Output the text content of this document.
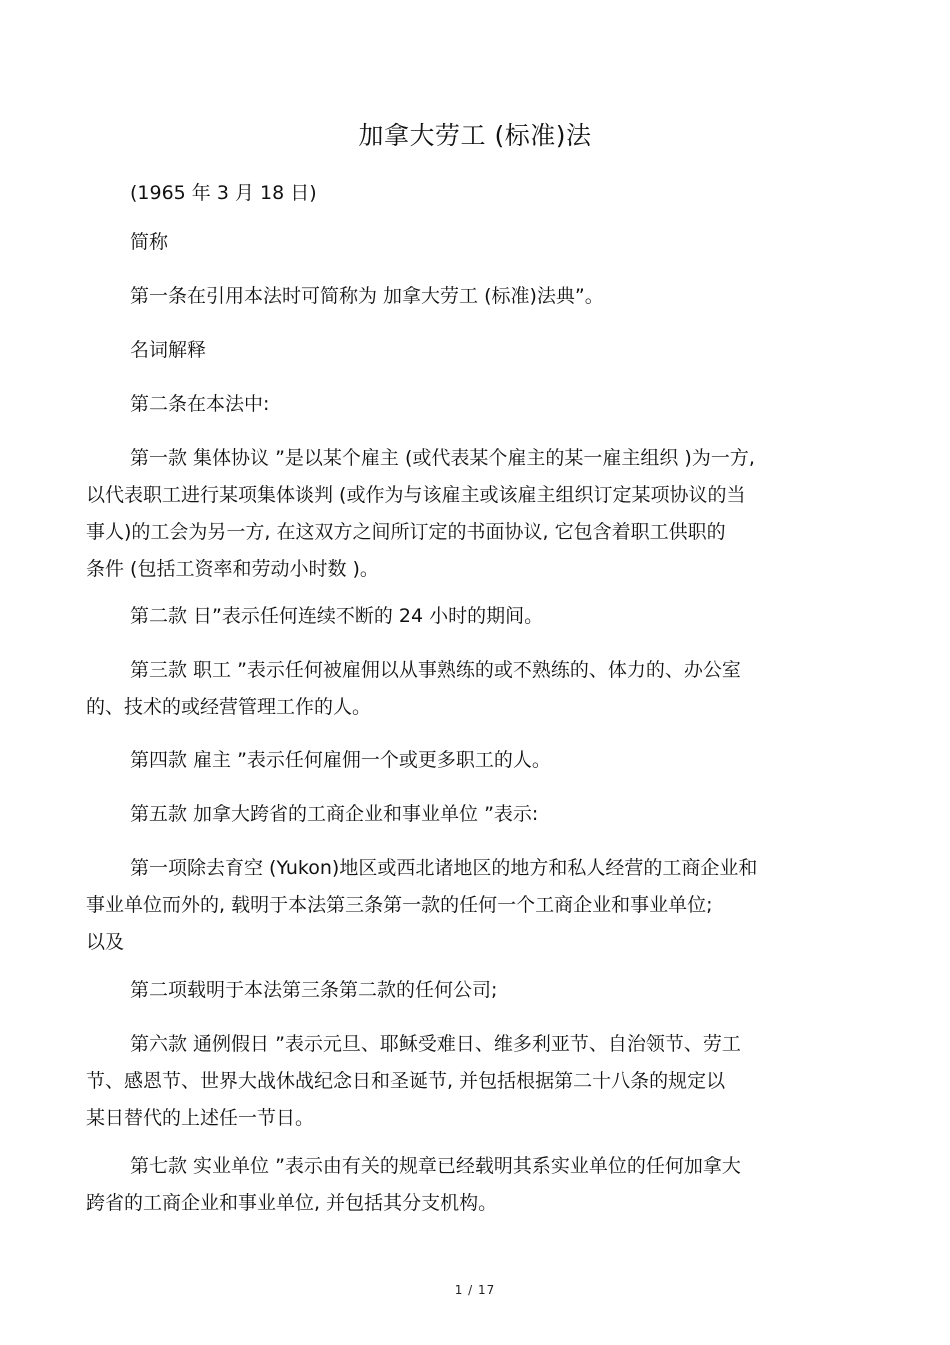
加拿大劳工 (标准)法

(1965 年 3 月 18 日)

简称

第一条在引用本法时可简称为 加拿大劳工 (标准)法典”。

名词解释

第二条在本法中:

第一款 集体协议 ”是以某个雇主 (或代表某个雇主的某一雇主组织 )为一方,
以代表职工进行某项集体谈判 (或作为与该雇主或该雇主组织订定某项协议的当
事人)的工会为另一方, 在这双方之间所订定的书面协议, 它包含着职工供职的
条件 (包括工资率和劳动小时数 )。

第二款 日”表示任何连续不断的 24 小时的期间。

第三款 职工 ”表示任何被雇佣以从事熟练的或不熟练的、体力的、办公室
的、技术的或经营管理工作的人。

第四款 雇主 ”表示任何雇佣一个或更多职工的人。

第五款 加拿大跨省的工商企业和事业单位 ”表示:

第一项除去育空 (Yukon)地区或西北诸地区的地方和私人经营的工商企业和
事业单位而外的, 载明于本法第三条第一款的任何一个工商企业和事业单位;
以及

第二项载明于本法第三条第二款的任何公司;

第六款 通例假日 ”表示元旦、耶稣受难日、维多利亚节、自治领节、劳工
节、感恩节、世界大战休战纪念日和圣诞节, 并包括根据第二十八条的规定以
某日替代的上述任一节日。

第七款 实业单位 ”表示由有关的规章已经载明其系实业单位的任何加拿大
跨省的工商企业和事业单位, 并包括其分支机构。

1 / 17
